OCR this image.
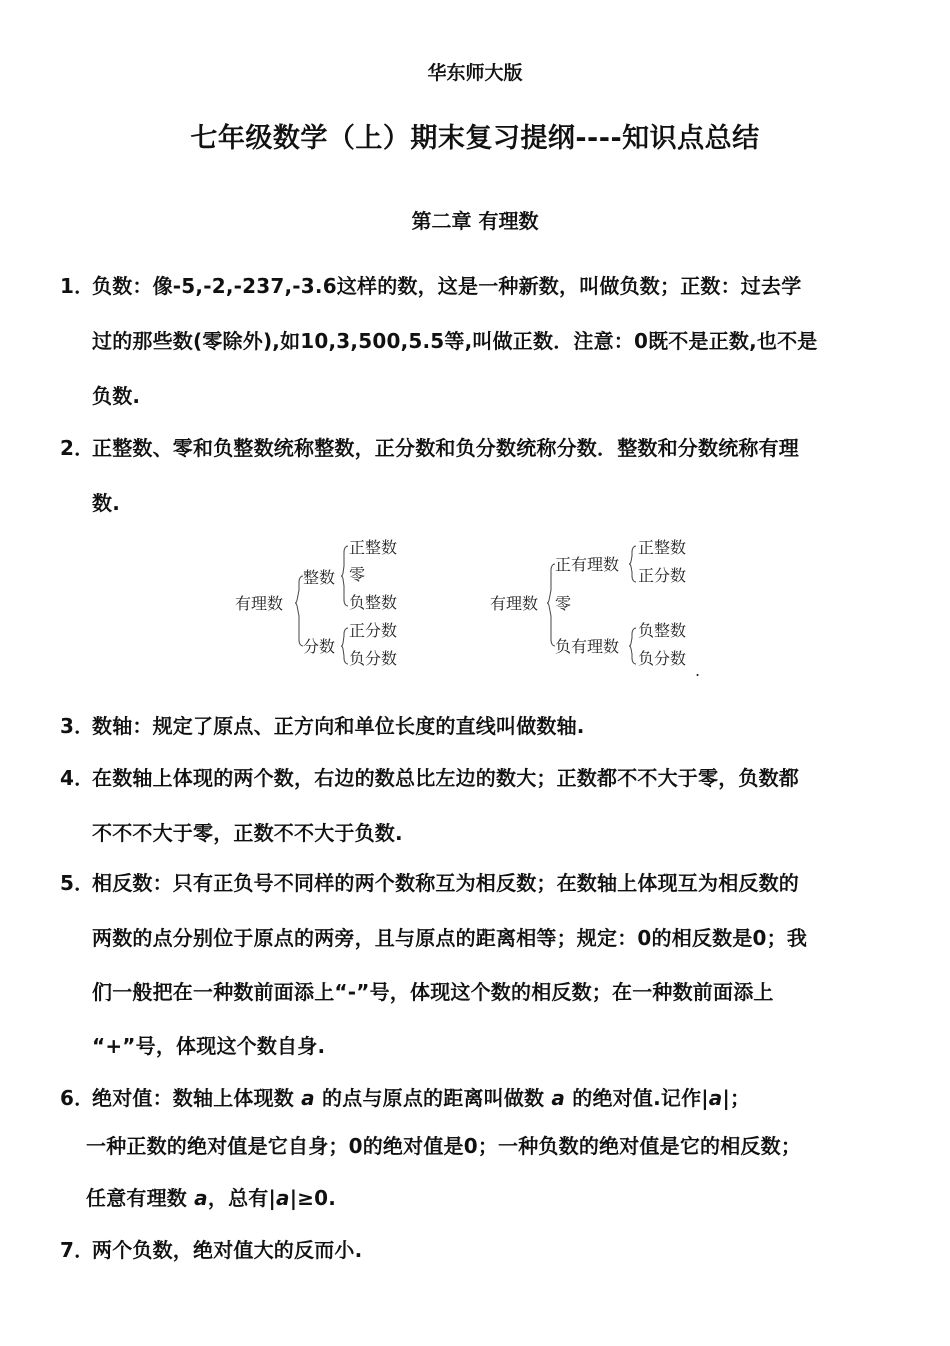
华东师大版
七年级数学（上）期末复习提纲----知识点总结
第二章 有理数
1．负数：像-5,-2,-237,-3.6这样的数，这是一种新数，叫做负数；正数：过去学
过的那些数(零除外),如10,3,500,5.5等,叫做正数．注意：0既不是正数,也不是
负数.
2．正整数、零和负整数统称整数，正分数和负分数统称分数．整数和分数统称有理
数.
有理数
整数
正整数
零
负整数
分数
正分数
负分数
有理数
正有理数
零
正整数
正分数
负有理数
负整数
负分数
.
3．数轴：规定了原点、正方向和单位长度的直线叫做数轴.
4．在数轴上体现的两个数，右边的数总比左边的数大；正数都不不大于零，负数都
不不不大于零，正数不不大于负数.
5．相反数：只有正负号不同样的两个数称互为相反数；在数轴上体现互为相反数的
两数的点分别位于原点的两旁，且与原点的距离相等；规定：0的相反数是0；我
们一般把在一种数前面添上“-”号，体现这个数的相反数；在一种数前面添上
“+”号，体现这个数自身.
6．绝对值：数轴上体现数 a 的点与原点的距离叫做数 a 的绝对值.记作|a|；
一种正数的绝对值是它自身；0的绝对值是0；一种负数的绝对值是它的相反数；
任意有理数 a，总有|a|≥0.
7．两个负数，绝对值大的反而小.
